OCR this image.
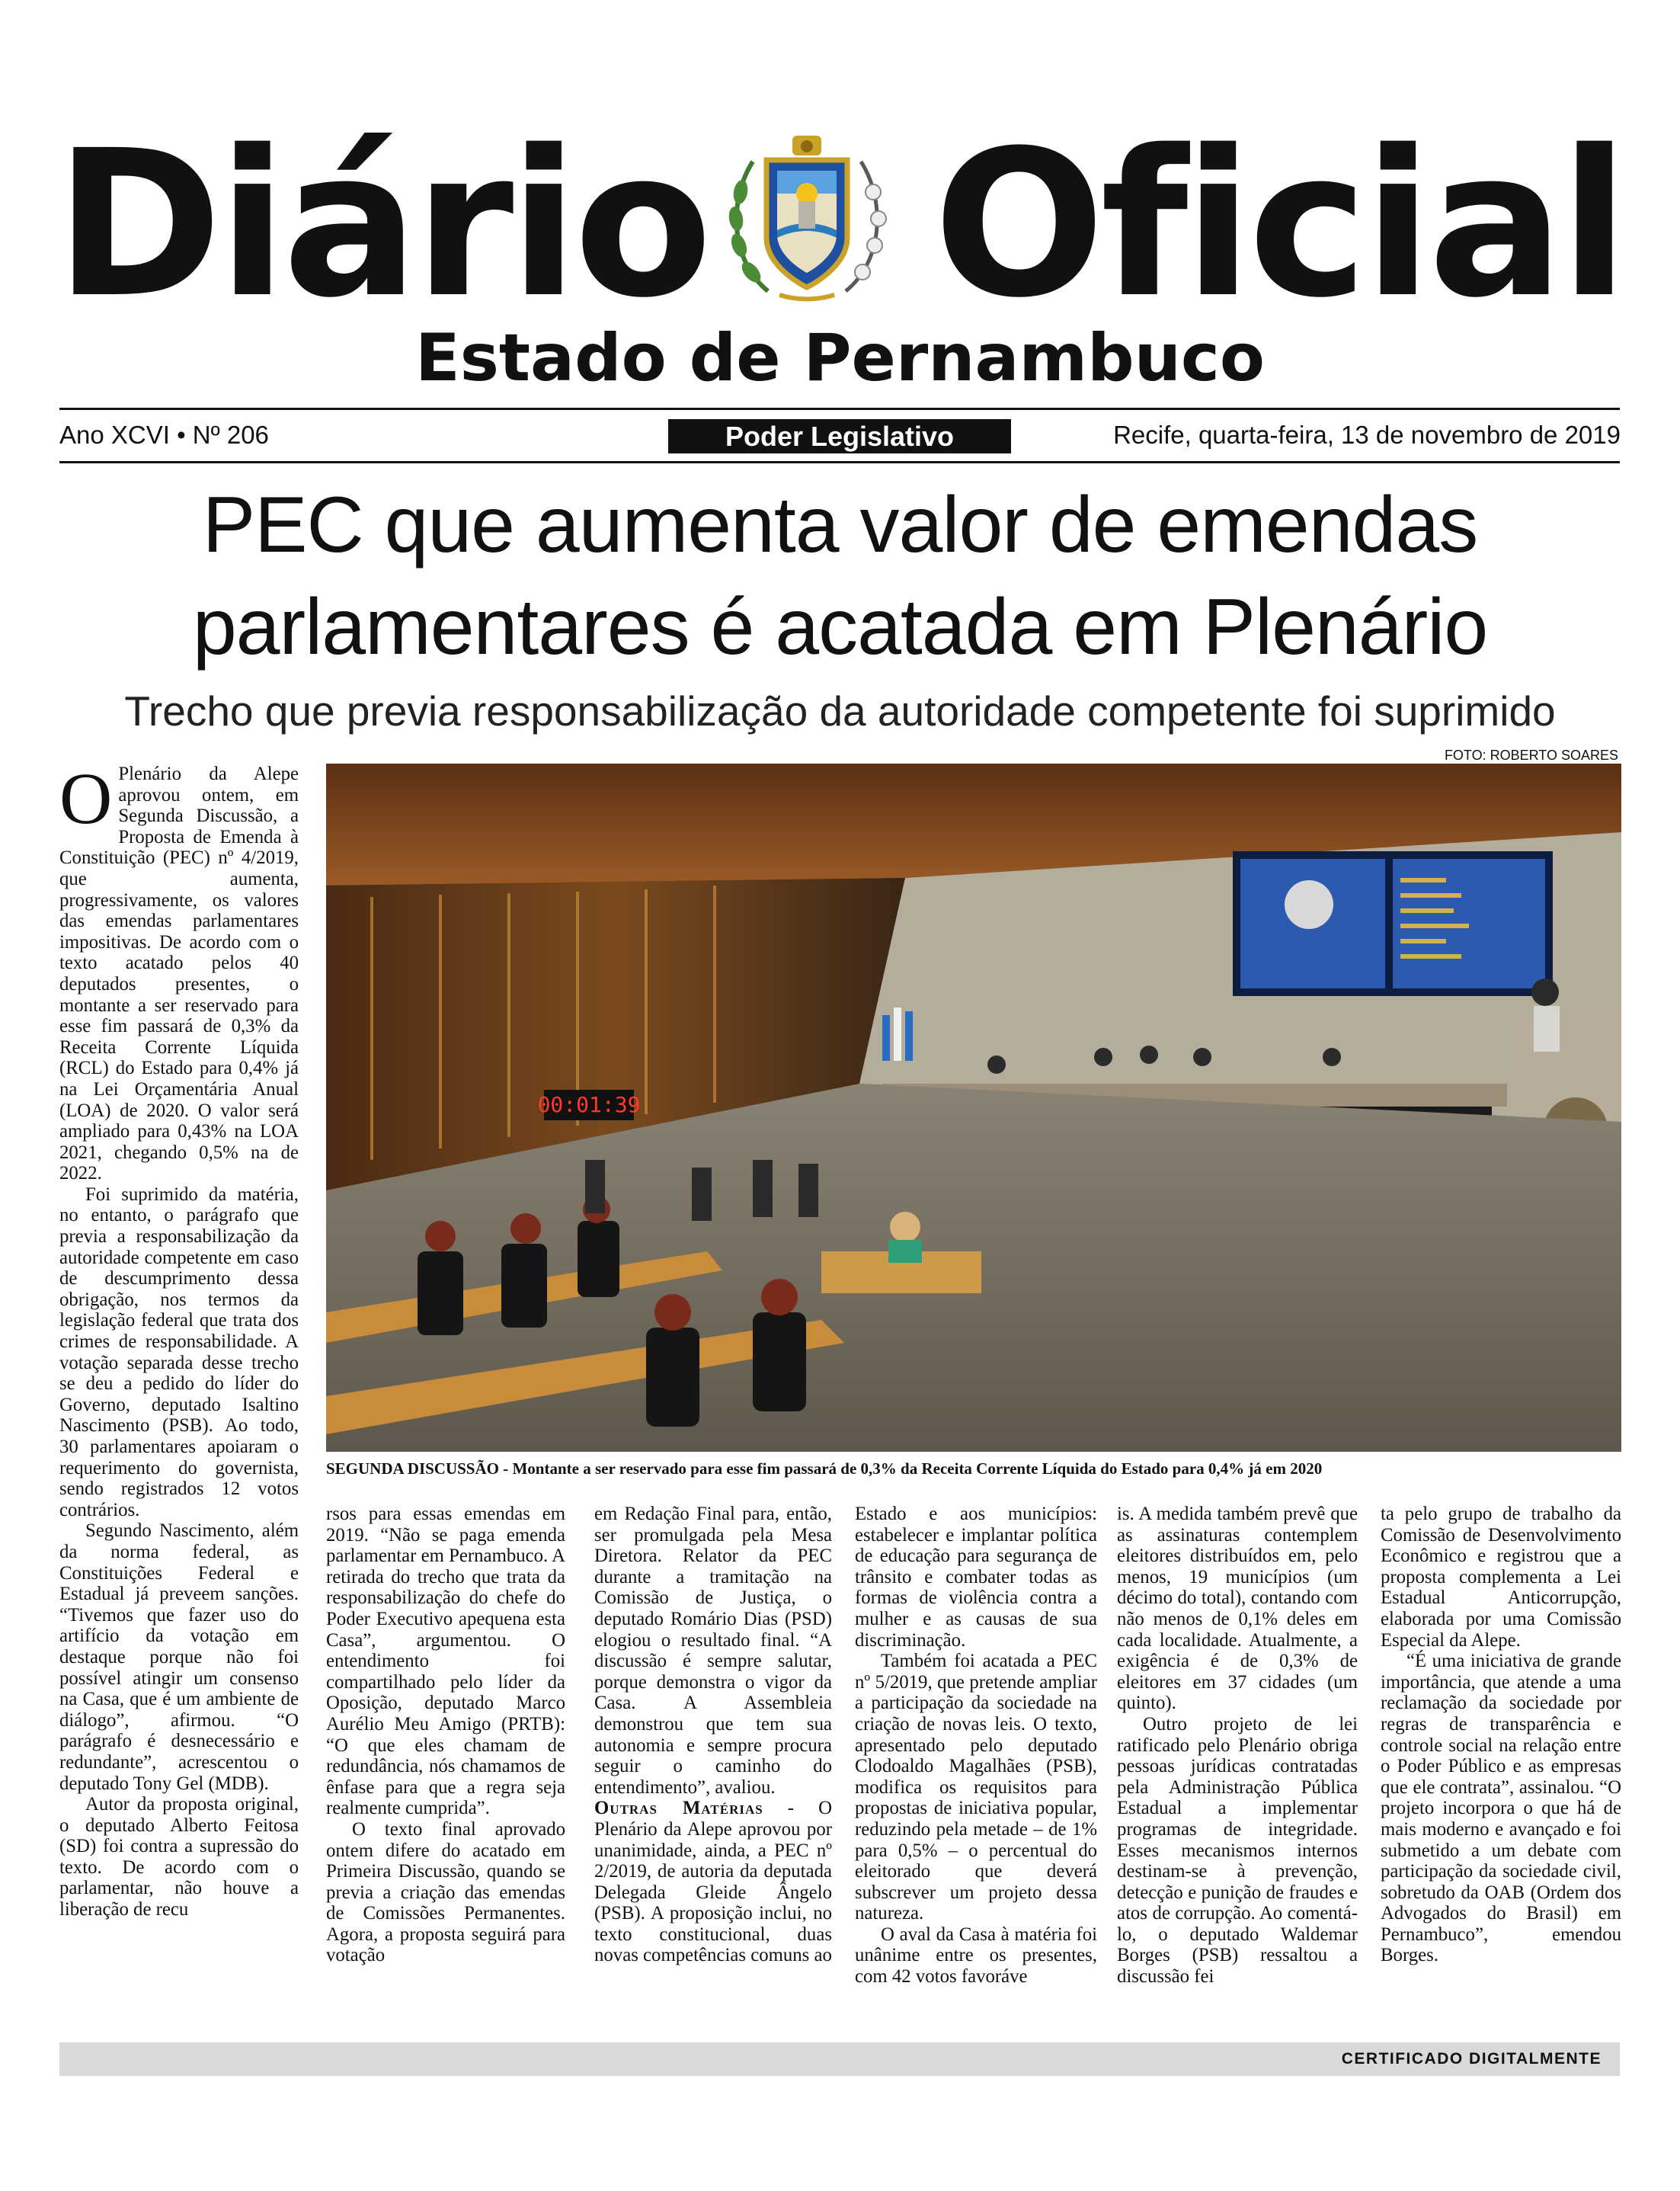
Diário Oficial
Estado de Pernambuco
Ano XCVI • Nº 206	Poder Legislativo	Recife, quarta-feira, 13 de novembro de 2019
PEC que aumenta valor de emendas
parlamentares é acatada em Plenário
Trecho que previa responsabilização da autoridade competente foi suprimido
FOTO: ROBERTO SOARES
00:01:39
SEGUNDA DISCUSSÃO - Montante a ser reservado para esse fim passará de 0,3% da Receita Corrente Líquida do Estado para 0,4% já em 2020

O Plenário da Alepe aprovou ontem, em Segunda Discussão, a Proposta de Emenda à Constituição (PEC) nº 4/2019, que aumenta, progressivamente, os valores das emendas parlamentares impositivas. De acordo com o texto acatado pelos 40 deputados presentes, o montante a ser reservado para esse fim passará de 0,3% da Receita Corrente Líquida (RCL) do Estado para 0,4% já na Lei Orçamentária Anual (LOA) de 2020. O valor será ampliado para 0,43% na LOA 2021, chegando 0,5% na de 2022.

Foi suprimido da matéria, no entanto, o parágrafo que previa a responsabilização da autoridade competente em caso de descumprimento dessa obrigação, nos termos da legislação federal que trata dos crimes de responsabilidade. A votação separada desse trecho se deu a pedido do líder do Governo, deputado Isaltino Nascimento (PSB). Ao todo, 30 parlamentares apoiaram o requerimento do governista, sendo registrados 12 votos contrários.

Segundo Nascimento, além da norma federal, as Constituições Federal e Estadual já preveem sanções. “Tivemos que fazer uso do artifício da votação em destaque porque não foi possível atingir um consenso na Casa, que é um ambiente de diálogo”, afirmou. “O parágrafo é desnecessário e redundante”, acrescentou o deputado Tony Gel (MDB).

Autor da proposta original, o deputado Alberto Feitosa (SD) foi contra a supressão do texto. De acordo com o parlamentar, não houve a liberação de recu

rsos para essas emendas em 2019. “Não se paga emenda parlamentar em Pernambuco. A retirada do trecho que trata da responsabilização do chefe do Poder Executivo apequena esta Casa”, argumentou. O entendimento foi compartilhado pelo líder da Oposição, deputado Marco Aurélio Meu Amigo (PRTB): “O que eles chamam de redundância, nós chamamos de ênfase para que a regra seja realmente cumprida”.

O texto final aprovado ontem difere do acatado em Primeira Discussão, quando se previa a criação das emendas de Comissões Permanentes. Agora, a proposta seguirá para votação

em Redação Final para, então, ser promulgada pela Mesa Diretora. Relator da PEC durante a tramitação na Comissão de Justiça, o deputado Romário Dias (PSD) elogiou o resultado final. “A discussão é sempre salutar, porque demonstra o vigor da Casa. A Assembleia demonstrou que tem sua autonomia e sempre procura seguir o caminho do entendimento”, avaliou.

Outras Matérias - O Plenário da Alepe aprovou por unanimidade, ainda, a PEC nº 2/2019, de autoria da deputada Delegada Gleide Ângelo (PSB). A proposição inclui, no texto constitucional, duas novas competências comuns ao

Estado e aos municípios: estabelecer e implantar política de educação para segurança de trânsito e combater todas as formas de violência contra a mulher e as causas de sua discriminação.

Também foi acatada a PEC nº 5/2019, que pretende ampliar a participação da sociedade na criação de novas leis. O texto, apresentado pelo deputado Clodoaldo Magalhães (PSB), modifica os requisitos para propostas de iniciativa popular, reduzindo pela metade – de 1% para 0,5% – o percentual do eleitorado que deverá subscrever um projeto dessa natureza.

O aval da Casa à matéria foi unânime entre os presentes, com 42 votos favoráve

is. A medida também prevê que as assinaturas contemplem eleitores distribuídos em, pelo menos, 19 municípios (um décimo do total), contando com não menos de 0,1% deles em cada localidade. Atualmente, a exigência é de 0,3% de eleitores em 37 cidades (um quinto).

Outro projeto de lei ratificado pelo Plenário obriga pessoas jurídicas contratadas pela Administração Pública Estadual a implementar programas de integridade. Esses mecanismos internos destinam-se à prevenção, detecção e punição de fraudes e atos de corrupção. Ao comentá-lo, o deputado Waldemar Borges (PSB) ressaltou a discussão fei

ta pelo grupo de trabalho da Comissão de Desenvolvimento Econômico e registrou que a proposta complementa a Lei Estadual Anticorrupção, elaborada por uma Comissão Especial da Alepe.

“É uma iniciativa de grande importância, que atende a uma reclamação da sociedade por regras de transparência e controle social na relação entre o Poder Público e as empresas que ele contrata”, assinalou. “O projeto incorpora o que há de mais moderno e avançado e foi submetido a um debate com participação da sociedade civil, sobretudo da OAB (Ordem dos Advogados do Brasil) em Pernambuco”, emendou Borges.

CERTIFICADO DIGITALMENTE
